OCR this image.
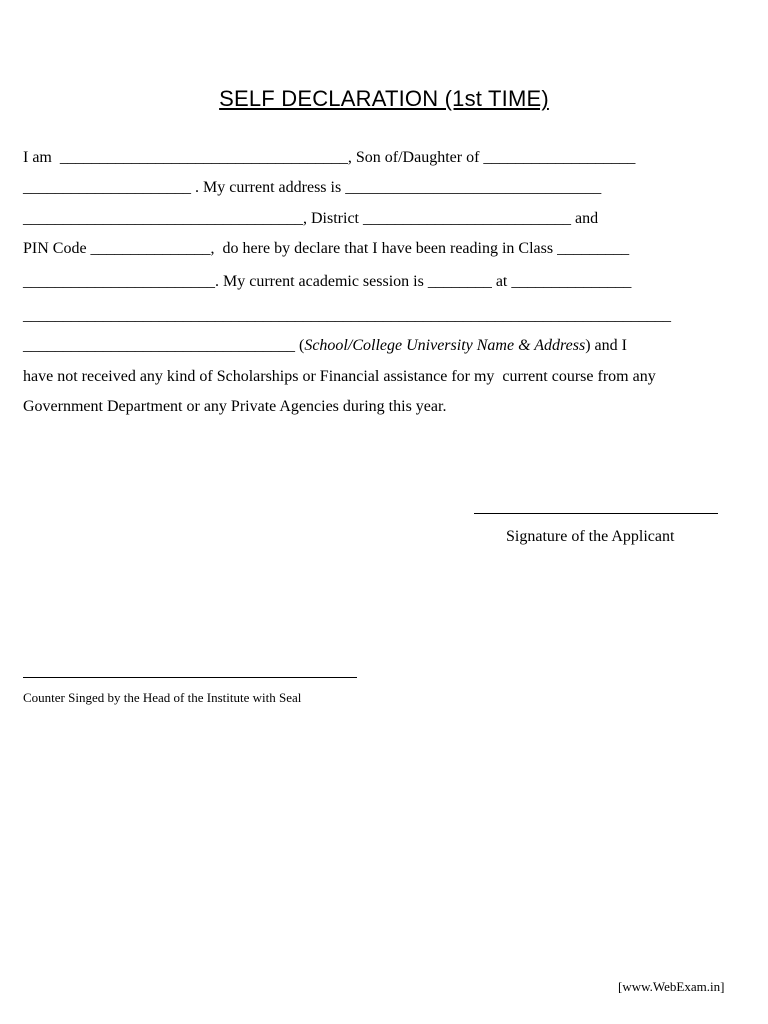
SELF DECLARATION (1st TIME)
I am  ____________________________________, Son of/Daughter of ___________________
_____________________ . My current address is ________________________________
___________________________________, District __________________________ and
PIN Code _______________,  do here by declare that I have been reading in Class _________
________________________. My current academic session is ________ at _______________
_________________________________________________________________________________
__________________________________ (School/College University Name & Address) and I
have not received any kind of Scholarships or Financial assistance for my  current course from any
Government Department or any Private Agencies during this year.
Signature of the Applicant
Counter Singed by the Head of the Institute with Seal
[www.WebExam.in]
